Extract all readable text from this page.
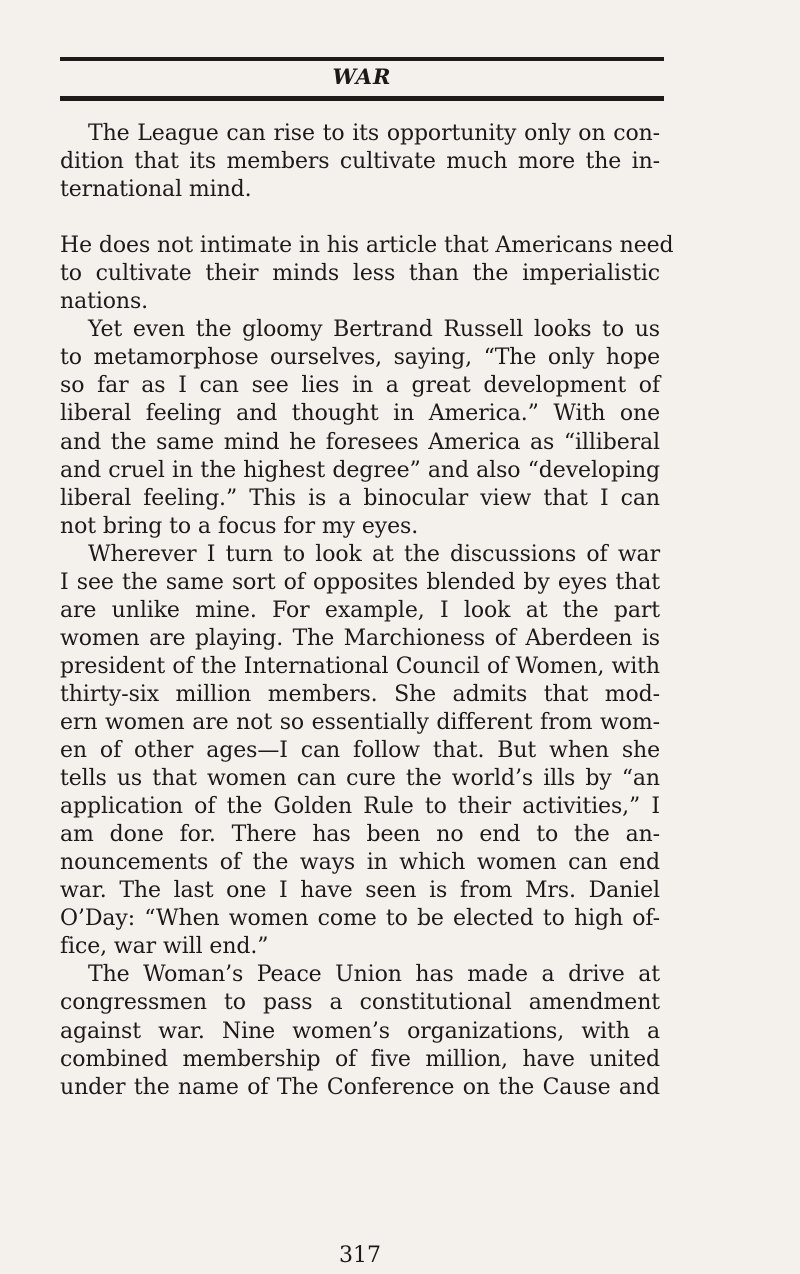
WAR
The League can rise to its opportunity only on con-
dition that its members cultivate much more the in-
ternational mind.

He does not intimate in his article that Americans need
to cultivate their minds less than the imperialistic
nations.
Yet even the gloomy Bertrand Russell looks to us
to metamorphose ourselves, saying, “The only hope
so far as I can see lies in a great development of
liberal feeling and thought in America.” With one
and the same mind he foresees America as “illiberal
and cruel in the highest degree” and also “developing
liberal feeling.” This is a binocular view that I can
not bring to a focus for my eyes.
Wherever I turn to look at the discussions of war
I see the same sort of opposites blended by eyes that
are unlike mine. For example, I look at the part
women are playing. The Marchioness of Aberdeen is
president of the International Council of Women, with
thirty-six million members. She admits that mod-
ern women are not so essentially different from wom-
en of other ages—I can follow that. But when she
tells us that women can cure the world’s ills by “an
application of the Golden Rule to their activities,” I
am done for. There has been no end to the an-
nouncements of the ways in which women can end
war. The last one I have seen is from Mrs. Daniel
O’Day: “When women come to be elected to high of-
fice, war will end.”
The Woman’s Peace Union has made a drive at
congressmen to pass a constitutional amendment
against war. Nine women’s organizations, with a
combined membership of five million, have united
under the name of The Conference on the Cause and
317
